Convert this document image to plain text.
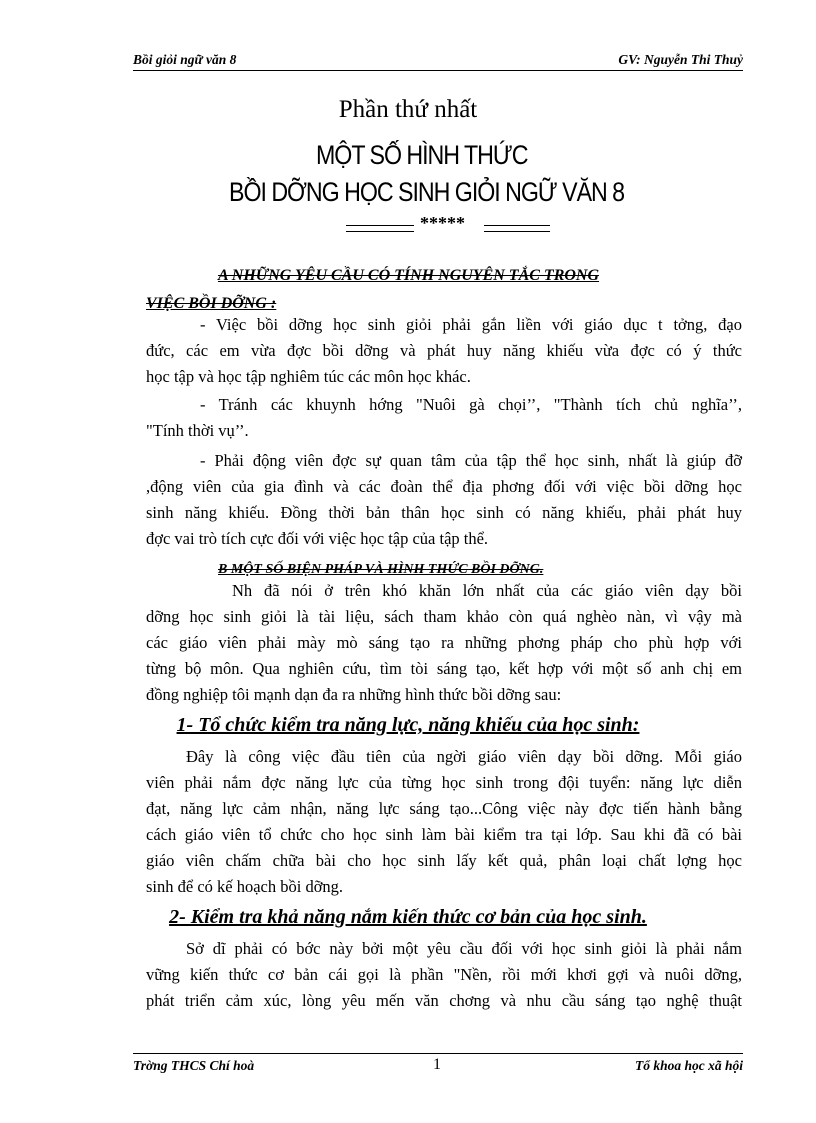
Bồi giỏi ngữ văn 8	GV: Nguyễn Thi Thuỷ
Phần thứ nhất
MỘT SỐ HÌNH THỨC
BỒI DỠNG HỌC SINH GIỎI NGỮ VĂN 8
*****
A NHỮNG YÊU CẦU CÓ TÍNH NGUYÊN TẮC TRONG
VIỆC BỒI DỠNG :
- Việc bồi dỡng học sinh giỏi phải gắn liền với giáo dục t tởng, đạo
đức, các em vừa đợc bồi dỡng và phát huy năng khiếu vừa đợc có ý thức
học tập và học tập nghiêm túc các môn học khác.
- Tránh các khuynh hớng "Nuôi gà chọi’’, "Thành tích chủ nghĩa’’,
"Tính thời vụ’’.
- Phải động viên đợc sự quan tâm của tập thể học sinh, nhất là giúp đỡ
,động viên của gia đình và các đoàn thể địa phơng đối với việc bồi dỡng học
sinh năng khiếu. Đồng thời bản thân học sinh có năng khiếu, phải phát huy
đợc vai trò tích cực đối với việc học tập của tập thể.
B MỘT SỐ BIỆN PHÁP VÀ HÌNH THỨC BỒI DỠNG.
Nh đã nói ở trên khó khăn lớn nhất của các giáo viên dạy bồi
dỡng học sinh giỏi là tài liệu, sách tham khảo còn quá nghèo nàn, vì vậy mà
các giáo viên phải mày mò sáng tạo ra những phơng pháp cho phù hợp với
từng bộ môn. Qua nghiên cứu, tìm tòi sáng tạo, kết hợp với một số anh chị em
đồng nghiệp tôi mạnh dạn đa ra những hình thức bồi dỡng sau:
1- Tổ chức kiểm tra năng lực, năng khiếu của học sinh:
Đây là công việc đầu tiên của ngời giáo viên dạy bồi dỡng. Mỗi giáo
viên phải nắm đợc năng lực của từng học sinh trong đội tuyển: năng lực diễn
đạt, năng lực cảm nhận, năng lực sáng tạo...Công việc này đợc tiến hành bằng
cách giáo viên tổ chức cho học sinh làm bài kiểm tra tại lớp. Sau khi đã có bài
giáo viên chấm chữa bài cho học sinh lấy kết quả, phân loại chất lợng học
sinh để có kế hoạch bồi dỡng.
2- Kiểm tra khả năng nắm kiến thức cơ bản của học sinh.
Sở dĩ phải có bớc này bởi một yêu cầu đối với học sinh giỏi là phải nắm
vững kiến thức cơ bản cái gọi là phần "Nền, rồi mới khơi gợi và nuôi dỡng,
phát triển cảm xúc, lòng yêu mến văn chơng và nhu cầu sáng tạo nghệ thuật
Trờng THCS Chí hoà	1	Tổ khoa học xã hội
